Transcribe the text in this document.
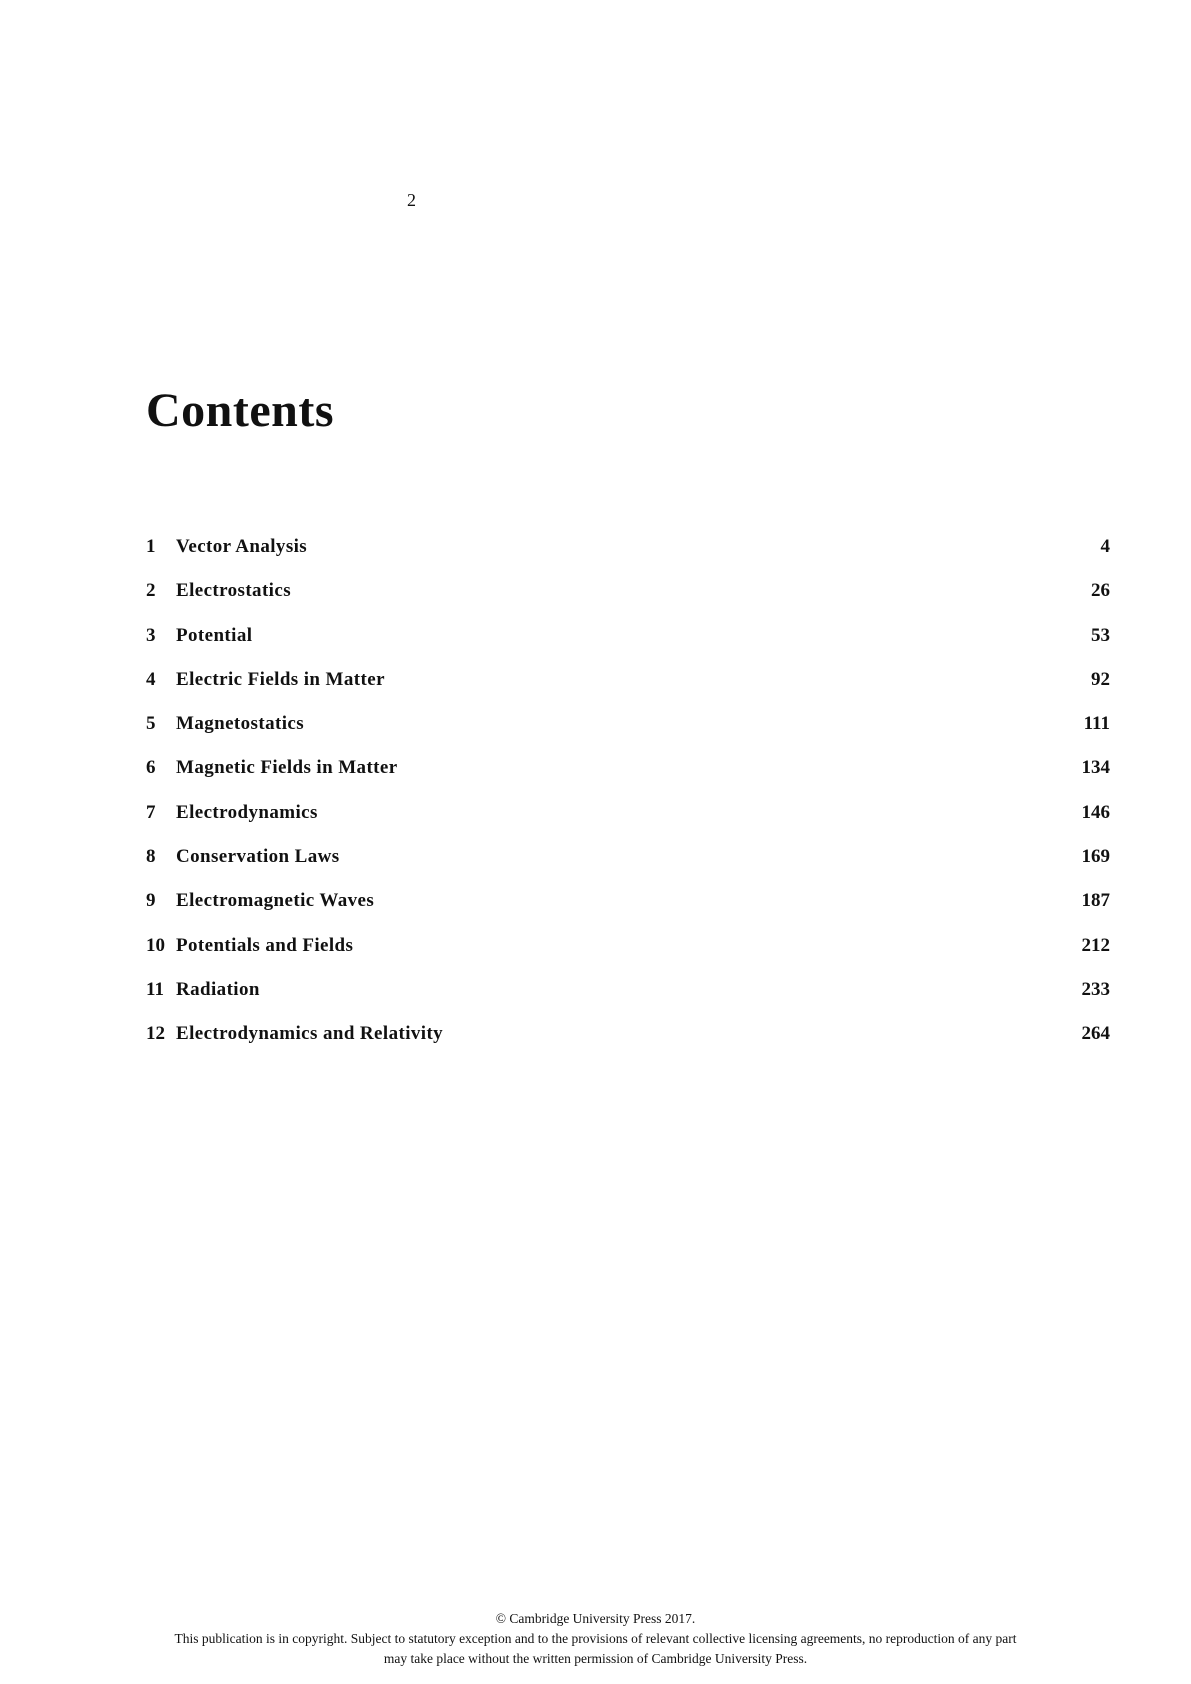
2
Contents
1	Vector Analysis	4
2	Electrostatics	26
3	Potential	53
4	Electric Fields in Matter	92
5	Magnetostatics	111
6	Magnetic Fields in Matter	134
7	Electrodynamics	146
8	Conservation Laws	169
9	Electromagnetic Waves	187
10 Potentials and Fields	212
11 Radiation	233
12 Electrodynamics and Relativity	264
© Cambridge University Press 2017.
This publication is in copyright. Subject to statutory exception and to the provisions of relevant collective licensing agreements, no reproduction of any part
may take place without the written permission of Cambridge University Press.
